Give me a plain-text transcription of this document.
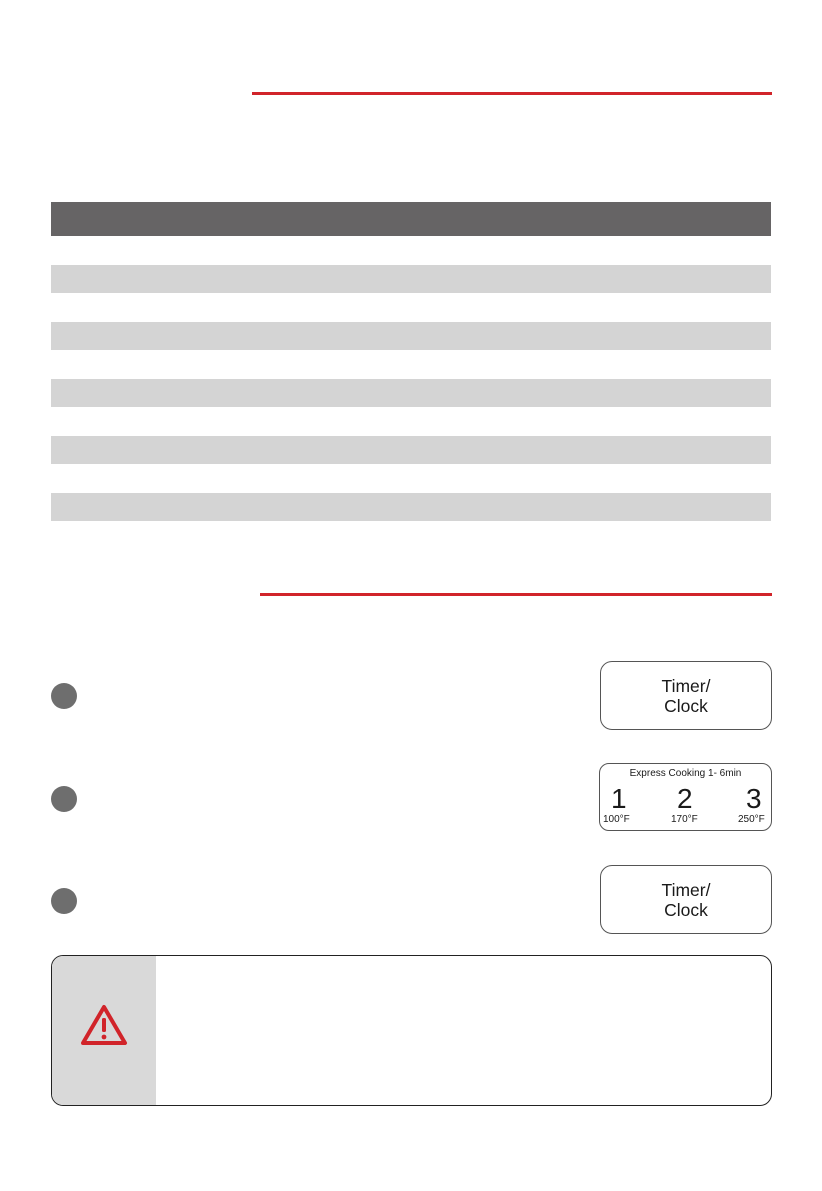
Timer/
Clock
Express Cooking 1- 6min
1 2 3
100°F	170°F	250°F
Timer/
Clock
